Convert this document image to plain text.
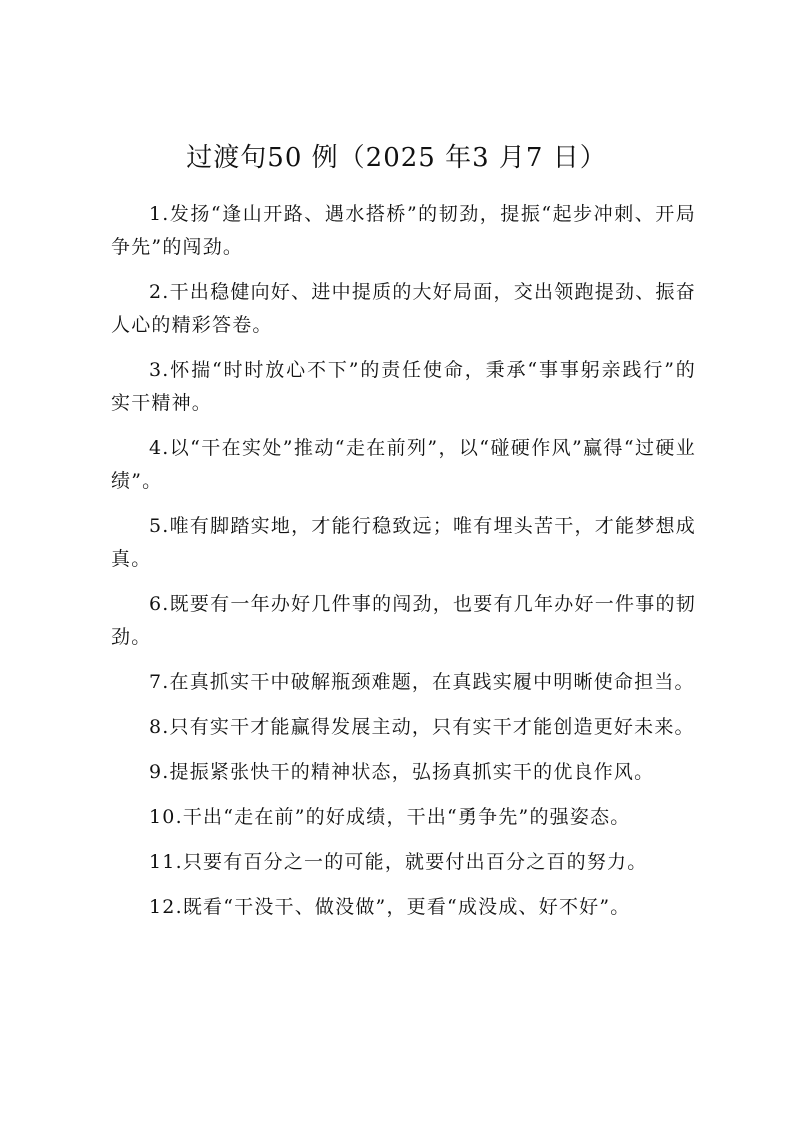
过渡句50 例（2025 年3 月7 日）

1.发扬“逢山开路、遇水搭桥”的韧劲，提振“起步冲刺、开局争先”的闯劲。

2.干出稳健向好、进中提质的大好局面，交出领跑提劲、振奋人心的精彩答卷。

3.怀揣“时时放心不下”的责任使命，秉承“事事躬亲践行”的实干精神。

4.以“干在实处”推动“走在前列”，以“碰硬作风”赢得“过硬业绩”。

5.唯有脚踏实地，才能行稳致远；唯有埋头苦干，才能梦想成真。

6.既要有一年办好几件事的闯劲，也要有几年办好一件事的韧劲。

7.在真抓实干中破解瓶颈难题，在真践实履中明晰使命担当。

8.只有实干才能赢得发展主动，只有实干才能创造更好未来。

9.提振紧张快干的精神状态，弘扬真抓实干的优良作风。

10.干出“走在前”的好成绩，干出“勇争先”的强姿态。

11.只要有百分之一的可能，就要付出百分之百的努力。

12.既看“干没干、做没做”，更看“成没成、好不好”。
